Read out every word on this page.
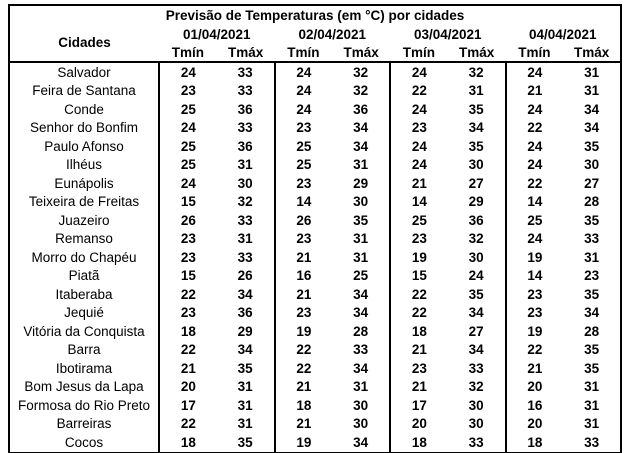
Previsão de Temperaturas (em °C) por cidades								
Cidades	01/04/2021		02/04/2021		03/04/2021		04/04/2021	
	Tmín	Tmáx	Tmín	Tmáx	Tmín	Tmáx	Tmín	Tmáx
Salvador	24	33	24	32	24	32	24	31
Feira de Santana	23	33	24	32	22	31	21	31
Conde	25	36	24	36	24	35	24	34
Senhor do Bonfim	24	33	23	34	23	34	22	34
Paulo Afonso	25	36	25	34	24	35	24	35
Ilhéus	25	31	25	31	24	30	24	30
Eunápolis	24	30	23	29	21	27	22	27
Teixeira de Freitas	15	32	14	30	14	29	14	28
Juazeiro	26	33	26	35	25	36	25	35
Remanso	23	31	23	31	23	32	24	33
Morro do Chapéu	23	33	21	31	19	30	19	31
Piatã	15	26	16	25	15	24	14	23
Itaberaba	22	34	21	34	22	35	23	35
Jequié	23	36	23	34	22	34	23	34
Vitória da Conquista	18	29	19	28	18	27	19	28
Barra	22	34	22	33	21	34	22	35
Ibotirama	21	35	22	34	23	33	21	35
Bom Jesus da Lapa	20	31	21	31	21	32	20	31
Formosa do Rio Preto	17	31	18	30	17	30	16	31
Barreiras	22	31	21	30	20	30	20	31
Cocos	18	35	19	34	18	33	18	33
